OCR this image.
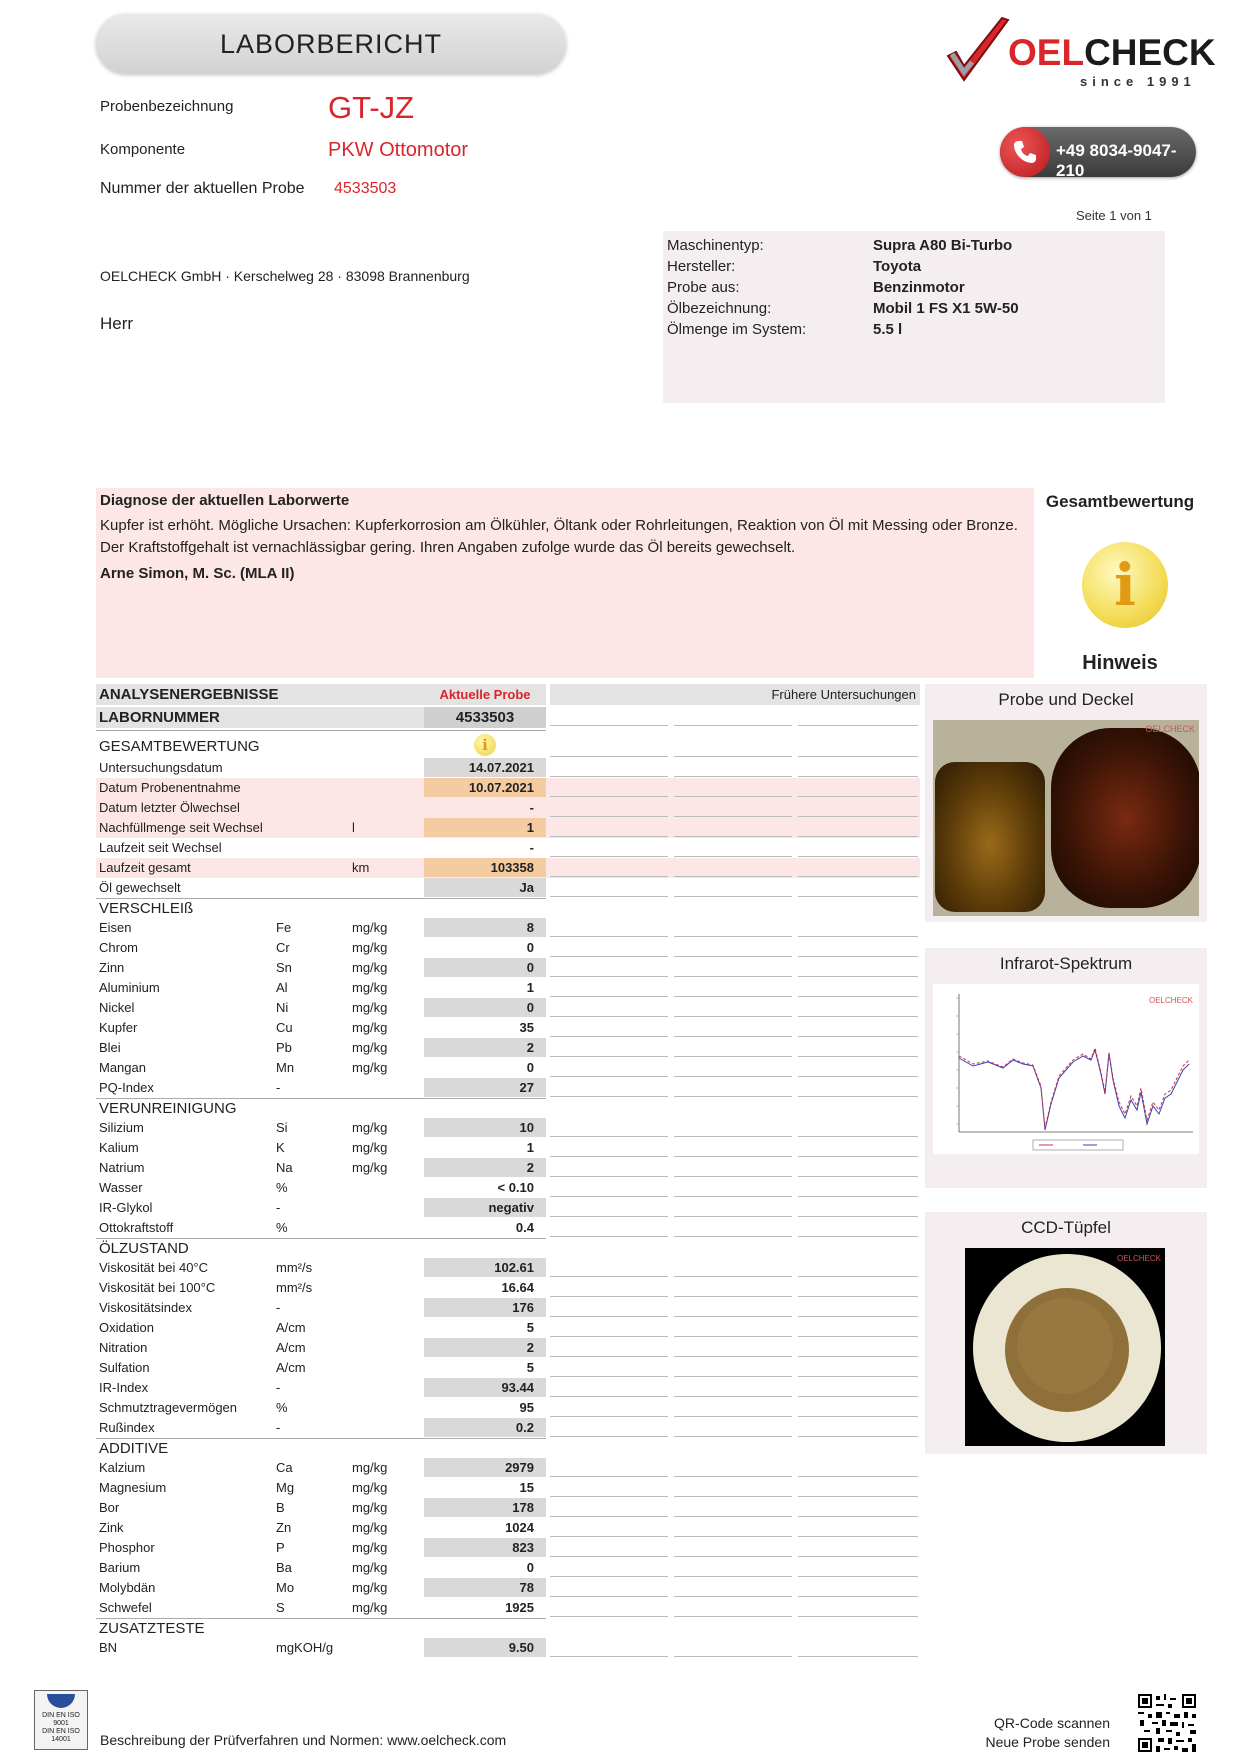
LABORBERICHT	OELCHECK
since 1991
+49 8034-9047-210
Probenbezeichnung	GT-JZ
Komponente	PKW Ottomotor
Nummer der aktuellen Probe 4533503
Seite 1 von 1
Maschinentyp:	Supra A80 Bi-Turbo
Hersteller:	Toyota
Probe aus:	Benzinmotor
Ölbezeichnung:	Mobil 1 FS X1 5W-50
Ölmenge im System:	5.5 l
OELCHECK GmbH · Kerschelweg 28 · 83098 Brannenburg
Herr
Diagnose der aktuellen Laborwerte
Kupfer ist erhöht. Mögliche Ursachen: Kupferkorrosion am Ölkühler, Öltank oder Rohrleitungen, Reaktion von Öl mit Messing oder Bronze. Der Kraftstoffgehalt ist vernachlässigbar gering. Ihren Angaben zufolge wurde das Öl bereits gewechselt.
Arne Simon, M. Sc. (MLA II)
Gesamtbewertung
i
Hinweis
ANALYSENERGEBNISSE	Aktuelle Probe	Frühere Untersuchungen
LABORNUMMER	4533503
GESAMTBEWERTUNG	i
Untersuchungsdatum	14.07.2021
Datum Probenentnahme	10.07.2021
Datum letzter Ölwechsel	-
Nachfüllmenge seit Wechsel	l	1
Laufzeit seit Wechsel	-
Laufzeit gesamt	km	103358
Öl gewechselt	Ja
VERSCHLEIß
Eisen	Fe	mg/kg	8
Chrom	Cr	mg/kg	0
Zinn	Sn	mg/kg	0
Aluminium	Al	mg/kg	1
Nickel	Ni	mg/kg	0
Kupfer	Cu	mg/kg	35
Blei	Pb	mg/kg	2
Mangan	Mn	mg/kg	0
PQ-Index	-	27
VERUNREINIGUNG
Silizium	Si	mg/kg	10
Kalium	K	mg/kg	1
Natrium	Na	mg/kg	2
Wasser	%	< 0.10
IR-Glykol	-	negativ
Ottokraftstoff	%	0.4
ÖLZUSTAND
Viskosität bei 40°C	mm²/s	102.61
Viskosität bei 100°C	mm²/s	16.64
Viskositätsindex	-	176
Oxidation	A/cm	5
Nitration	A/cm	2
Sulfation	A/cm	5
IR-Index	-	93.44
Schmutztragevermögen	%	95
Rußindex	-	0.2
ADDITIVE
Kalzium	Ca	mg/kg	2979
Magnesium	Mg	mg/kg	15
Bor	B	mg/kg	178
Zink	Zn	mg/kg	1024
Phosphor	P	mg/kg	823
Barium	Ba	mg/kg	0
Molybdän	Mo	mg/kg	78
Schwefel	S	mg/kg	1925
ZUSATZTESTE
BN	mgKOH/g	9.50
Probe und Deckel
OELCHECK
Infrarot-Spektrum
OELCHECK
CCD-Tüpfel
OELCHECK
DIN EN ISO
9001
DIN EN ISO
14001	Beschreibung der Prüfverfahren und Normen: www.oelcheck.com
QR-Code scannen
Neue Probe senden
